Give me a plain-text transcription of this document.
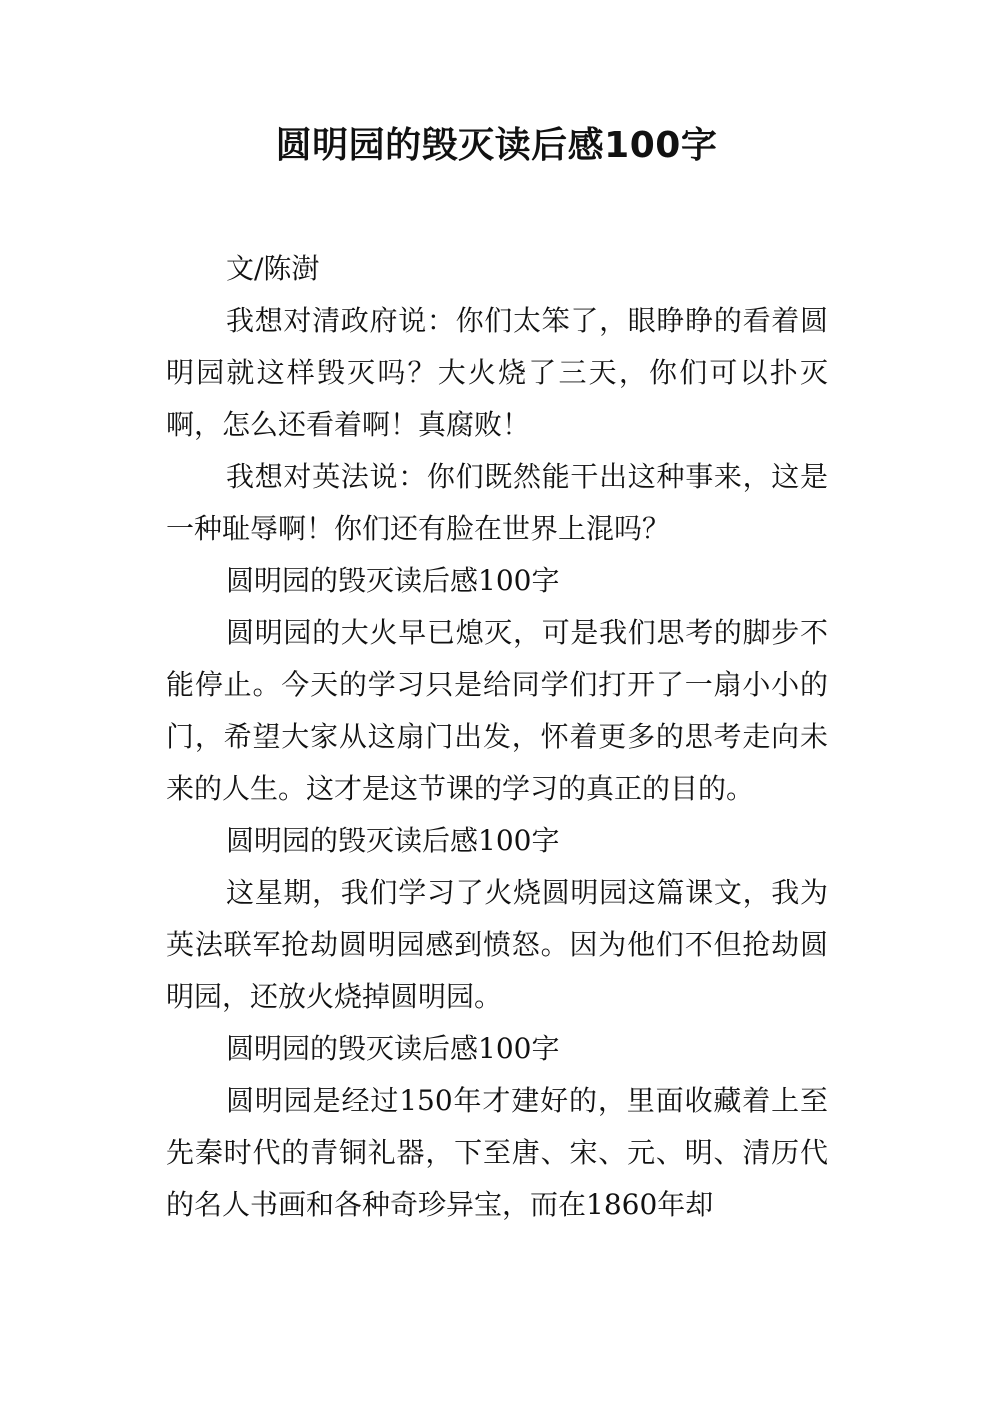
圆明园的毁灭读后感100字

文/陈澍

我想对清政府说：你们太笨了，眼睁睁的看着圆明园就这样毁灭吗？大火烧了三天，你们可以扑灭啊，怎么还看着啊！真腐败！

我想对英法说：你们既然能干出这种事来，这是一种耻辱啊！你们还有脸在世界上混吗？

圆明园的毁灭读后感100字

圆明园的大火早已熄灭，可是我们思考的脚步不能停止。今天的学习只是给同学们打开了一扇小小的门，希望大家从这扇门出发，怀着更多的思考走向未来的人生。这才是这节课的学习的真正的目的。

圆明园的毁灭读后感100字

这星期，我们学习了火烧圆明园这篇课文，我为英法联军抢劫圆明园感到愤怒。因为他们不但抢劫圆明园，还放火烧掉圆明园。

圆明园的毁灭读后感100字

圆明园是经过150年才建好的，里面收藏着上至先秦时代的青铜礼器，下至唐、宋、元、明、清历代的名人书画和各种奇珍异宝，而在1860年却
